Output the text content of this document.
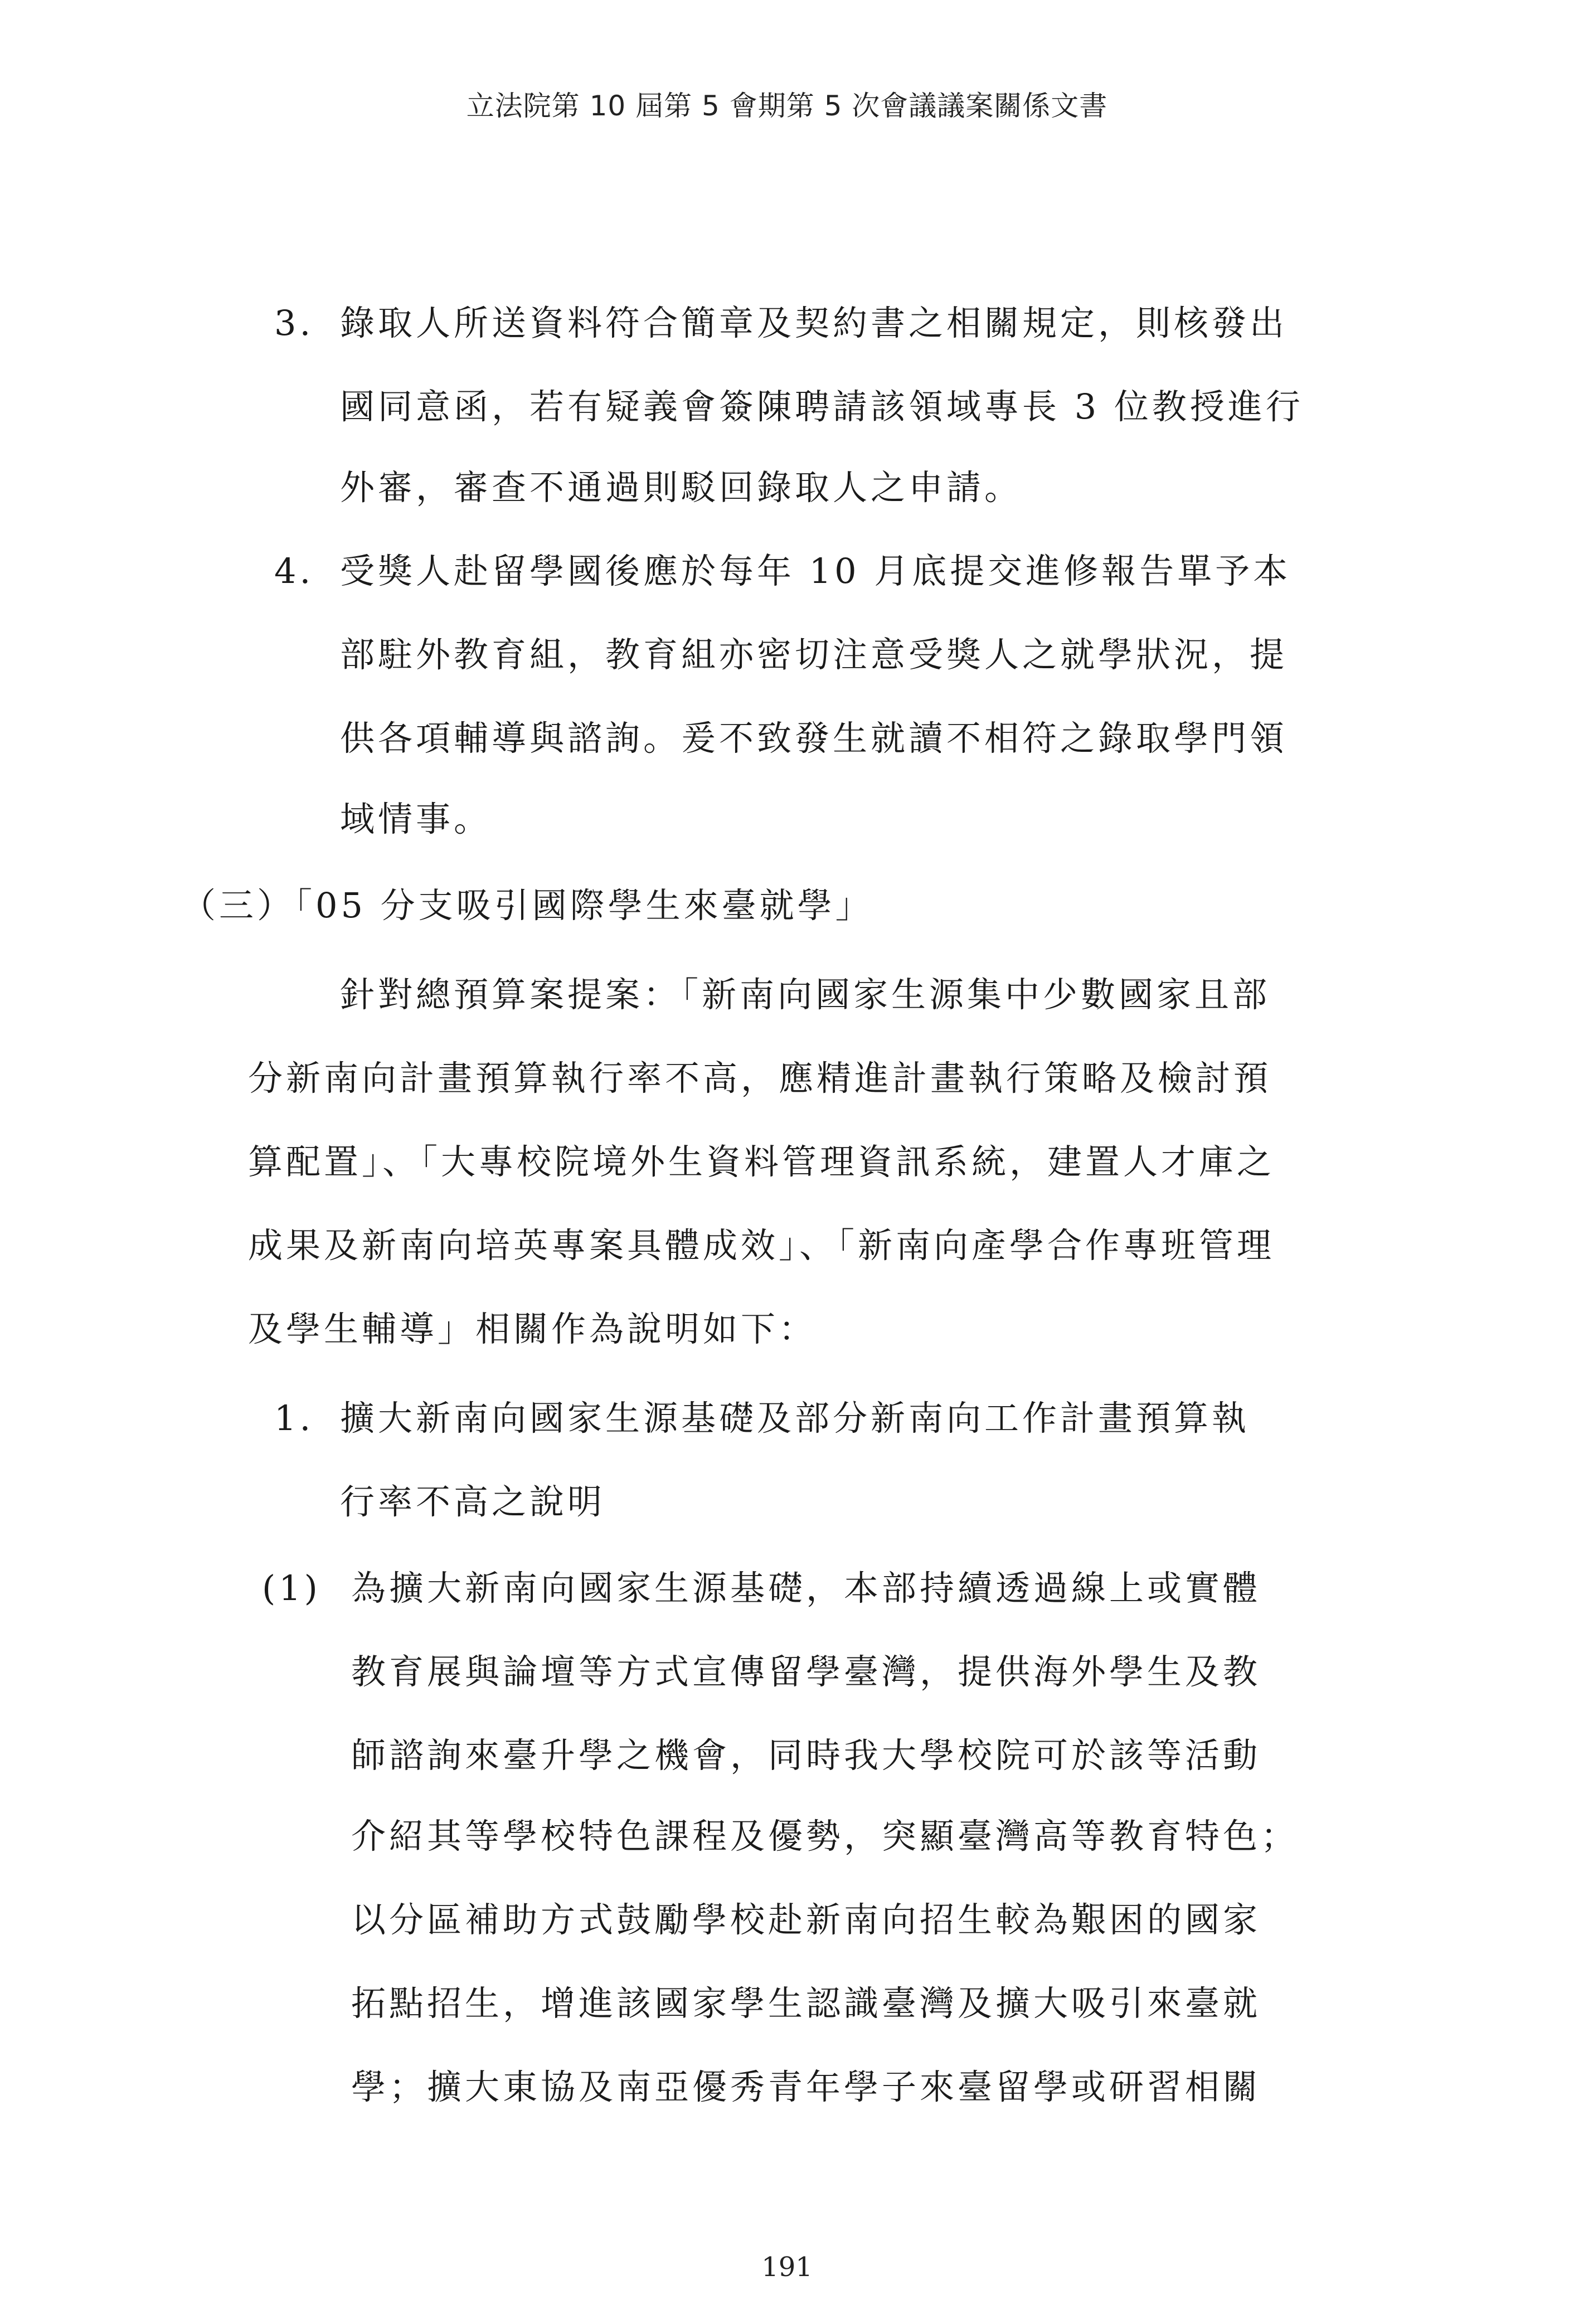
立法院第 10 屆第 5 會期第 5 次會議議案關係文書
3. 錄取人所送資料符合簡章及契約書之相關規定，則核發出
國同意函，若有疑義會簽陳聘請該領域專長 3 位教授進行
外審，審查不通過則駁回錄取人之申請。
4. 受獎人赴留學國後應於每年 10 月底提交進修報告單予本
部駐外教育組，教育組亦密切注意受獎人之就學狀況，提
供各項輔導與諮詢。爰不致發生就讀不相符之錄取學門領
域情事。
（三）「05 分支吸引國際學生來臺就學」
針對總預算案提案：「新南向國家生源集中少數國家且部
分新南向計畫預算執行率不高，應精進計畫執行策略及檢討預
算配置」、「大專校院境外生資料管理資訊系統，建置人才庫之
成果及新南向培英專案具體成效」、「新南向產學合作專班管理
及學生輔導」相關作為說明如下：
1. 擴大新南向國家生源基礎及部分新南向工作計畫預算執
行率不高之說明
(1) 為擴大新南向國家生源基礎，本部持續透過線上或實體
教育展與論壇等方式宣傳留學臺灣，提供海外學生及教
師諮詢來臺升學之機會，同時我大學校院可於該等活動
介紹其等學校特色課程及優勢，突顯臺灣高等教育特色；
以分區補助方式鼓勵學校赴新南向招生較為艱困的國家
拓點招生，增進該國家學生認識臺灣及擴大吸引來臺就
學；擴大東協及南亞優秀青年學子來臺留學或研習相關
191
